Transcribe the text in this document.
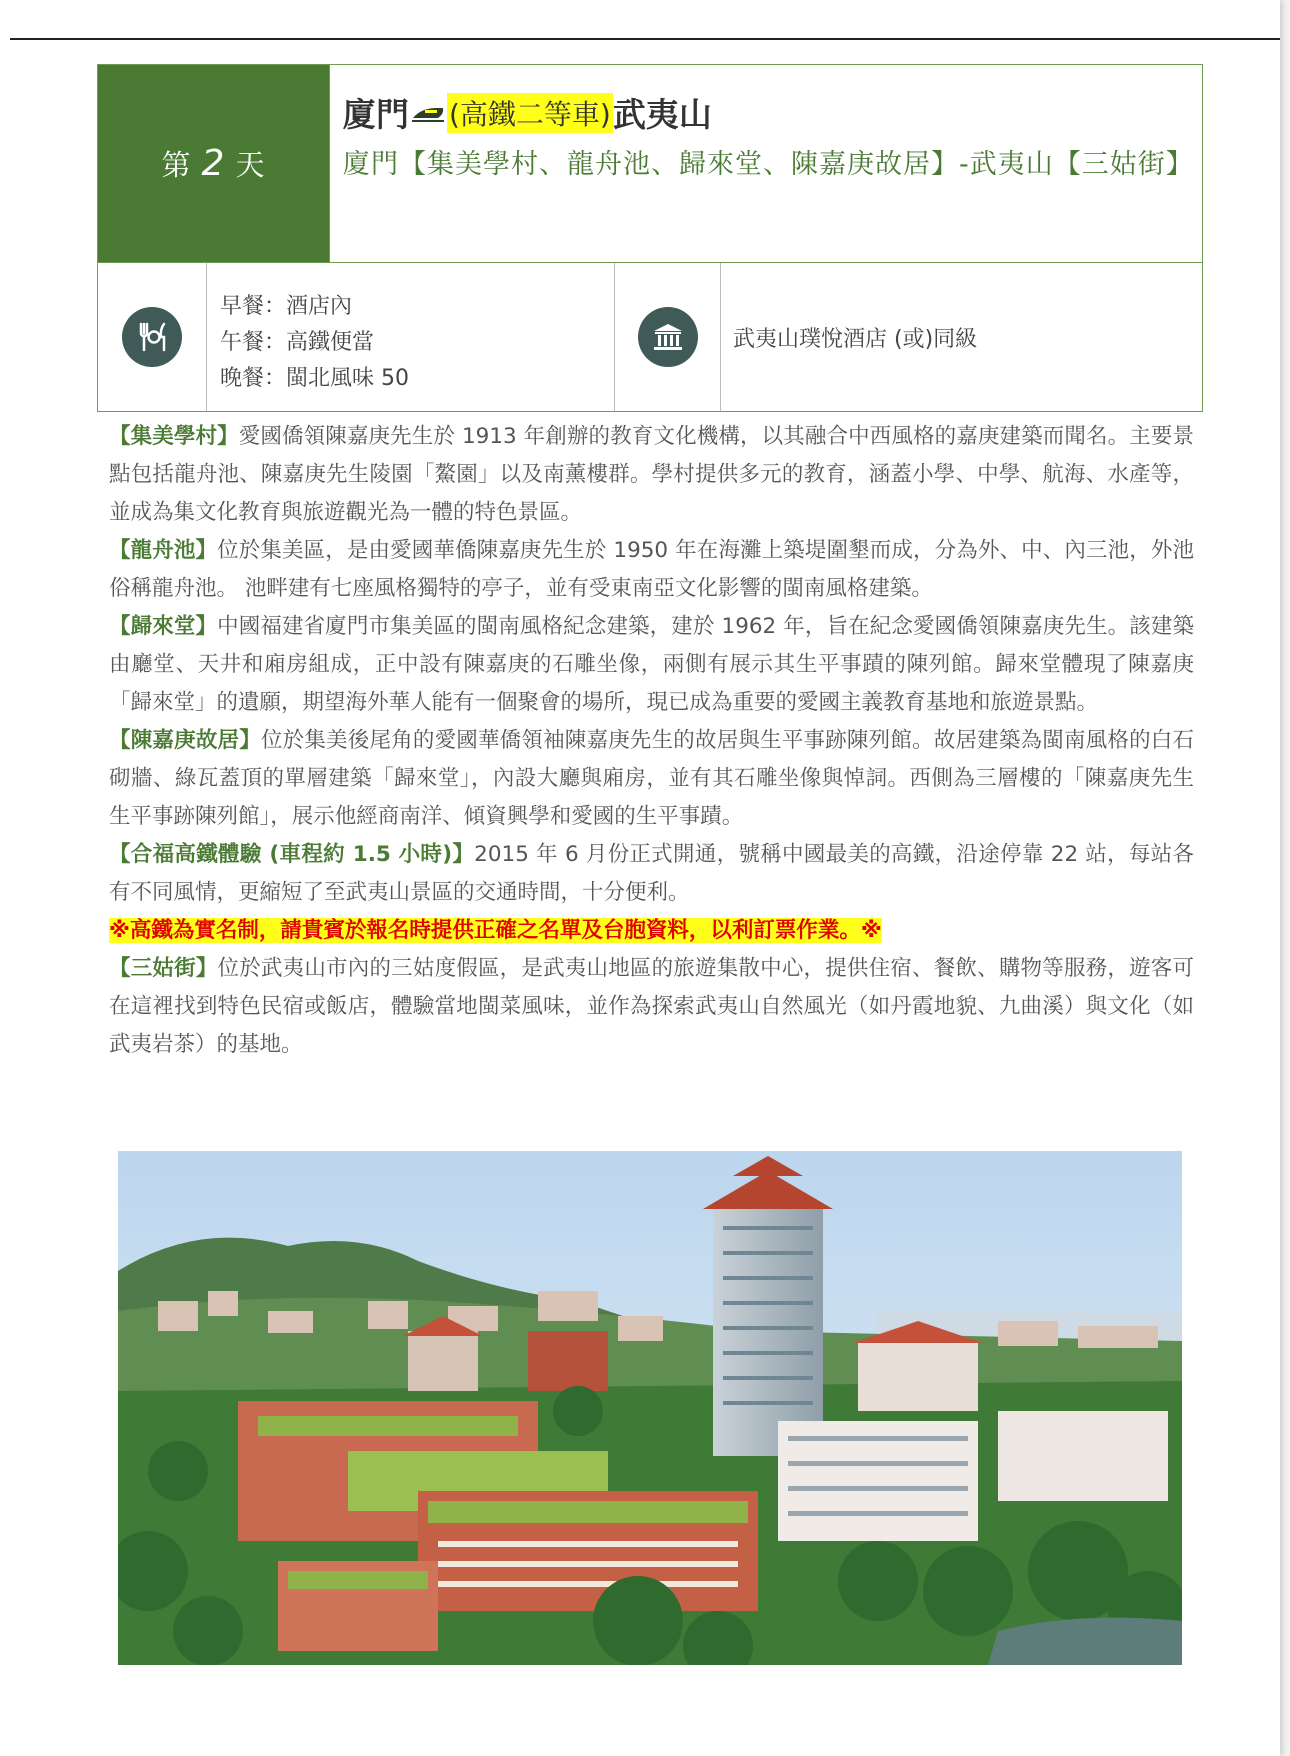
第 2 天
廈門 (高鐵二等車) 武夷山
廈門【集美學村、龍舟池、歸來堂、陳嘉庚故居】-武夷山【三姑街】
早餐：酒店內
午餐：高鐵便當
晚餐：閩北風味 50
武夷山璞悅酒店 (或)同級

【集美學村】愛國僑領陳嘉庚先生於 1913 年創辦的教育文化機構，以其融合中西風格的嘉庚建築而聞名。主要景點包括龍舟池、陳嘉庚先生陵園「鰲園」以及南薰樓群。學村提供多元的教育，涵蓋小學、中學、航海、水產等，並成為集文化教育與旅遊觀光為一體的特色景區。

【龍舟池】位於集美區，是由愛國華僑陳嘉庚先生於 1950 年在海灘上築堤圍墾而成，分為外、中、內三池，外池俗稱龍舟池。 池畔建有七座風格獨特的亭子，並有受東南亞文化影響的閩南風格建築。

【歸來堂】中國福建省廈門市集美區的閩南風格紀念建築，建於 1962 年，旨在紀念愛國僑領陳嘉庚先生。該建築由廳堂、天井和廂房組成，正中設有陳嘉庚的石雕坐像，兩側有展示其生平事蹟的陳列館。歸來堂體現了陳嘉庚「歸來堂」的遺願，期望海外華人能有一個聚會的場所，現已成為重要的愛國主義教育基地和旅遊景點。

【陳嘉庚故居】位於集美後尾角的愛國華僑領袖陳嘉庚先生的故居與生平事跡陳列館。故居建築為閩南風格的白石砌牆、綠瓦蓋頂的單層建築「歸來堂」，內設大廳與廂房，並有其石雕坐像與悼詞。西側為三層樓的「陳嘉庚先生生平事跡陳列館」，展示他經商南洋、傾資興學和愛國的生平事蹟。

【合福高鐵體驗 (車程約 1.5 小時)】2015 年 6 月份正式開通，號稱中國最美的高鐵，沿途停靠 22 站，每站各有不同風情，更縮短了至武夷山景區的交通時間，十分便利。

※高鐵為實名制，請貴賓於報名時提供正確之名單及台胞資料，以利訂票作業。※

【三姑街】位於武夷山市內的三姑度假區，是武夷山地區的旅遊集散中心，提供住宿、餐飲、購物等服務，遊客可在這裡找到特色民宿或飯店，體驗當地閩菜風味，並作為探索武夷山自然風光（如丹霞地貌、九曲溪）與文化（如武夷岩茶）的基地。
